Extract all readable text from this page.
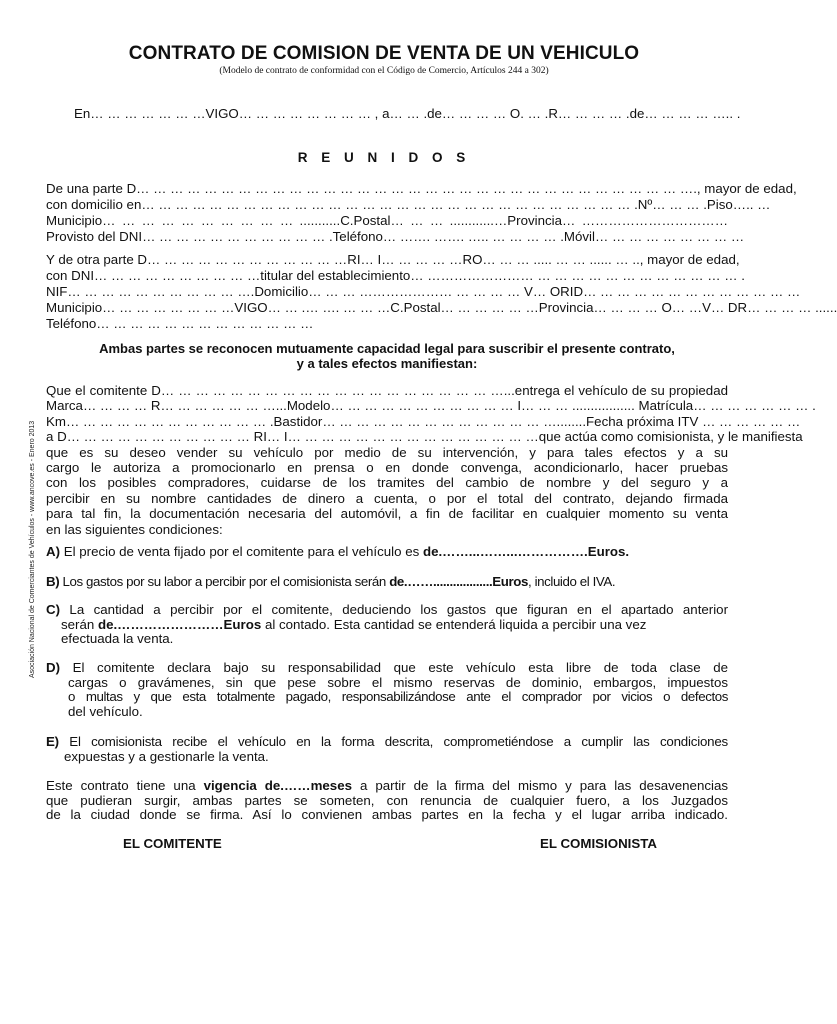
CONTRATO DE COMISION DE VENTA DE UN VEHICULO
(Modelo de contrato de conformidad con el Código de Comercio, Artículos 244 a 302)
En… … … … … … …VIGO… … … … … … … … , a… … .de… … … … O. … .R… … … … .de… … … … ….. .
R E U N I D O S
De una parte D… … … … … … … … … … … … … … … … … … … … … … … … … … … … … … … … …., mayor de edad,
con domicilio en… … … … … … … … … … … … … … … … … … … … … … … … … … … … … .Nº… … … .Piso….. …
Municipio… … … … … … … … … … ...........C.Postal… … … ............…Provincia… ……………………………
Provisto del DNI… … … … … … … … … … … .Teléfono… ……. ……. ….. … … … … .Móvil… … … … … … … … …
Y de otra parte D… … … … … … … … … … … …RI… I… … … … …RO… … … ..... … … ...... … .., mayor de edad,
con DNI… … … … … … … … … …titular del establecimiento… …………………… … … … … … … … … … … … … .
NIF… … … … … … … … … … ….Domicilio… … … ………………… … … … … V… ORID… … … … … … … … … … … … …
Municipio… … … … … … … …VIGO… … .… …. … … …C.Postal… … … … … …Provincia… … … … O… …V… DR… … … … ......
Teléfono… … … … … … … … … … … … …
Ambas partes se reconocen mutuamente capacidad legal para suscribir el presente contrato,
y a tales efectos manifiestan:
Que el comitente D… … … … … … … … … … … … … … … … … … … …...entrega el vehículo de su propiedad
Marca… … … … R… … … … … … …...Modelo… … … … … … … … … … … I… … … ................. Matrícula… … … … … … … .
Km… … … … … … … … … … … … .Bastidor… … … … … … … … … … … … … …........Fecha próxima ITV … … … … … …
a D… … … … … … … … … … … RI… I… … … … … … … … … … … … … … …que actúa como comisionista, y le manifiesta
que es su deseo vender su vehículo por medio de su intervención, y para tales efectos y a su
cargo le autoriza a promocionarlo en prensa o en donde convenga, acondicionarlo, hacer pruebas
con los posibles compradores, cuidarse de los tramites del cambio de nombre y del seguro y a
percibir en su nombre cantidades de dinero a cuenta, o por el total del contrato, dejando firmada
para tal fin, la documentación necesaria del automóvil, a fin de facilitar en cualquier momento su venta
en las siguientes condiciones:
A) El precio de venta fijado por el comitente para el vehículo es de.……...……...…………….Euros.
B) Los gastos por su labor a percibir por el comisionista serán de.……..................Euros, incluido el IVA.
C) La cantidad a percibir por el comitente, deduciendo los gastos que figuran en el apartado anterior
serán de.……………………Euros al contado. Esta cantidad se entenderá liquida a percibir una vez
efectuada la venta.
D) El comitente declara bajo su responsabilidad que este vehículo esta libre de toda clase de
cargas o gravámenes, sin que pese sobre el mismo reservas de dominio, embargos, impuestos
o multas y que esta totalmente pagado, responsabilizándose ante el comprador por vicios o defectos
del vehículo.
E) El comisionista recibe el vehículo en la forma descrita, comprometiéndose a cumplir las condiciones
expuestas y a gestionarle la venta.
Este contrato tiene una vigencia de.……meses a partir de la firma del mismo y para las desavenencias
que pudieran surgir, ambas partes se someten, con renuncia de cualquier fuero, a los Juzgados
de la ciudad donde se firma. Así lo convienen ambas partes en la fecha y el lugar arriba indicado.
EL COMITENTE	EL COMISIONISTA
Asociación Nacional de Comerciantes de Vehículos - www.ancove.es - Enero 2013
